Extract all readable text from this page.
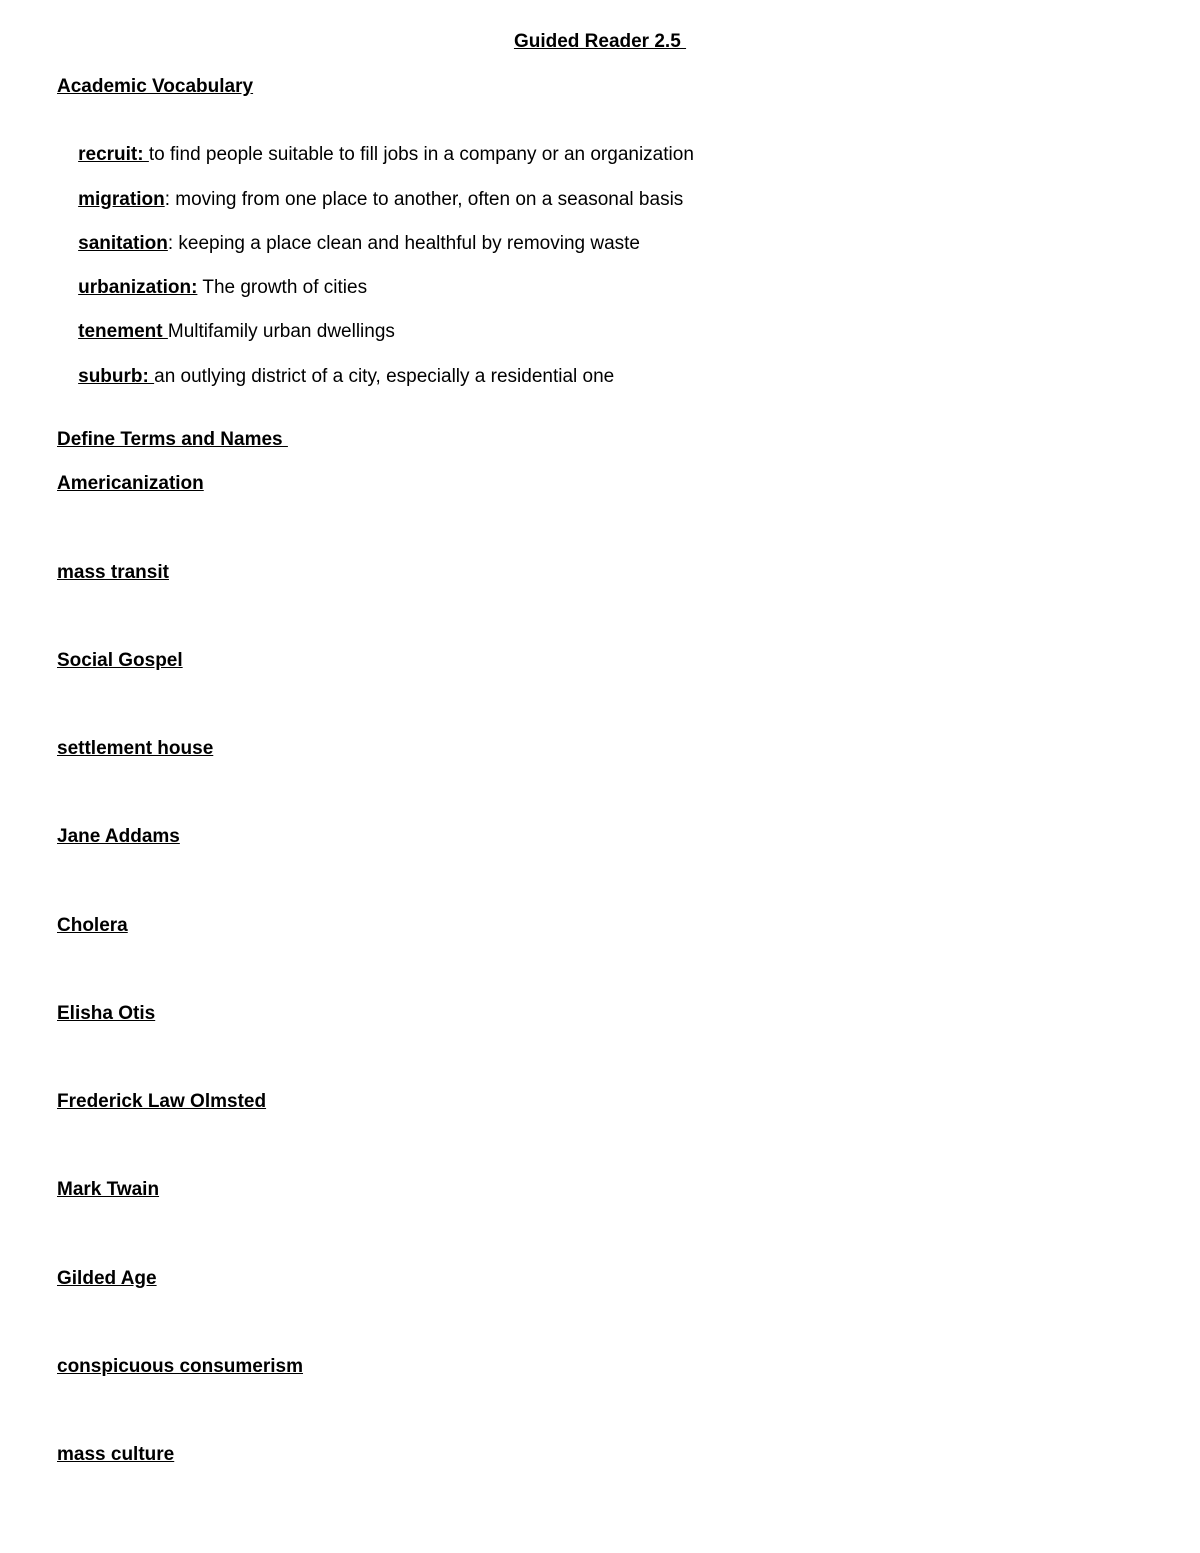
Guided Reader 2.5
Academic Vocabulary

recruit: to find people suitable to fill jobs in a company or an organization

migration: moving from one place to another, often on a seasonal basis

sanitation: keeping a place clean and healthful by removing waste

urbanization: The growth of cities

tenement Multifamily urban dwellings

suburb: an outlying district of a city, especially a residential one

Define Terms and Names
Americanization
mass transit
Social Gospel
settlement house
Jane Addams
Cholera
Elisha Otis
Frederick Law Olmsted
Mark Twain
Gilded Age
conspicuous consumerism
mass culture
